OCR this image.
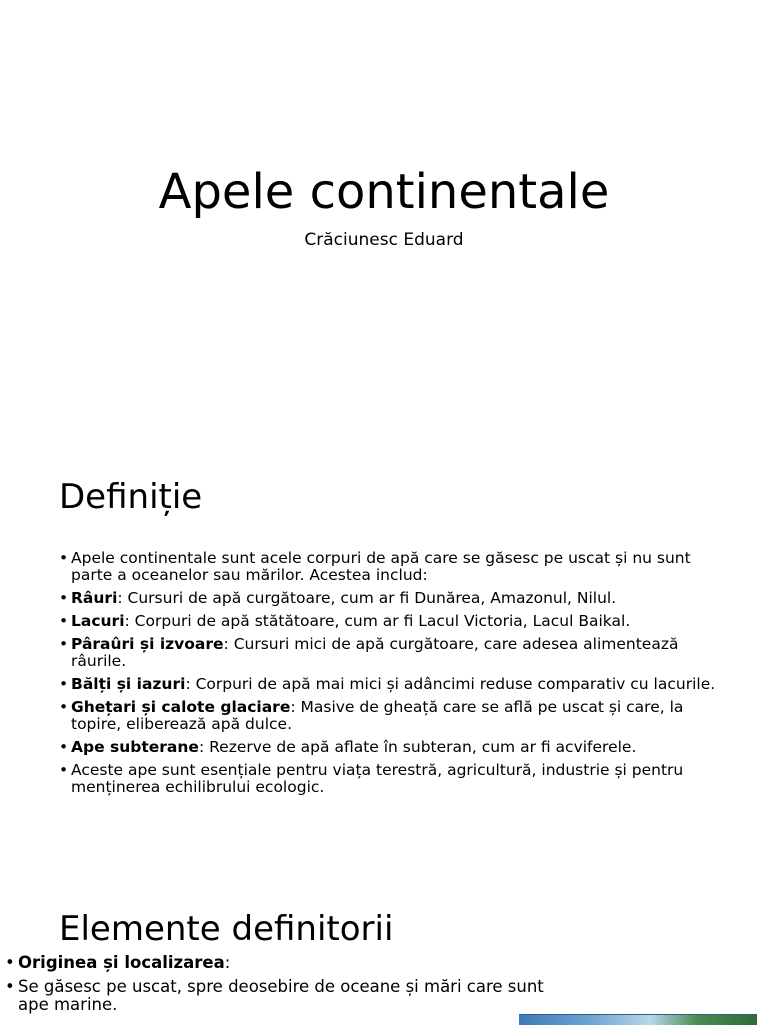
Apele continentale
Crăciunesc Eduard
Definiție
• Apele continentale sunt acele corpuri de apă care se găsesc pe uscat și nu sunt parte a oceanelor sau mărilor. Acestea includ:
• Râuri: Cursuri de apă curgătoare, cum ar fi Dunărea, Amazonul, Nilul.
• Lacuri: Corpuri de apă stătătoare, cum ar fi Lacul Victoria, Lacul Baikal.
• Pâraûri și izvoare: Cursuri mici de apă curgătoare, care adesea alimentează râurile.
• Bălți și iazuri: Corpuri de apă mai mici și adâncimi reduse comparativ cu lacurile.
• Ghețari și calote glaciare: Masive de gheață care se află pe uscat și care, la topire, eliberează apă dulce.
• Ape subterane: Rezerve de apă aflate în subteran, cum ar fi acviferele.
• Aceste ape sunt esențiale pentru viața terestră, agricultură, industrie și pentru menținerea echilibrului ecologic.
Elemente definitorii
• Originea și localizarea:
• Se găsesc pe uscat, spre deosebire de oceane și mări care sunt ape marine.
